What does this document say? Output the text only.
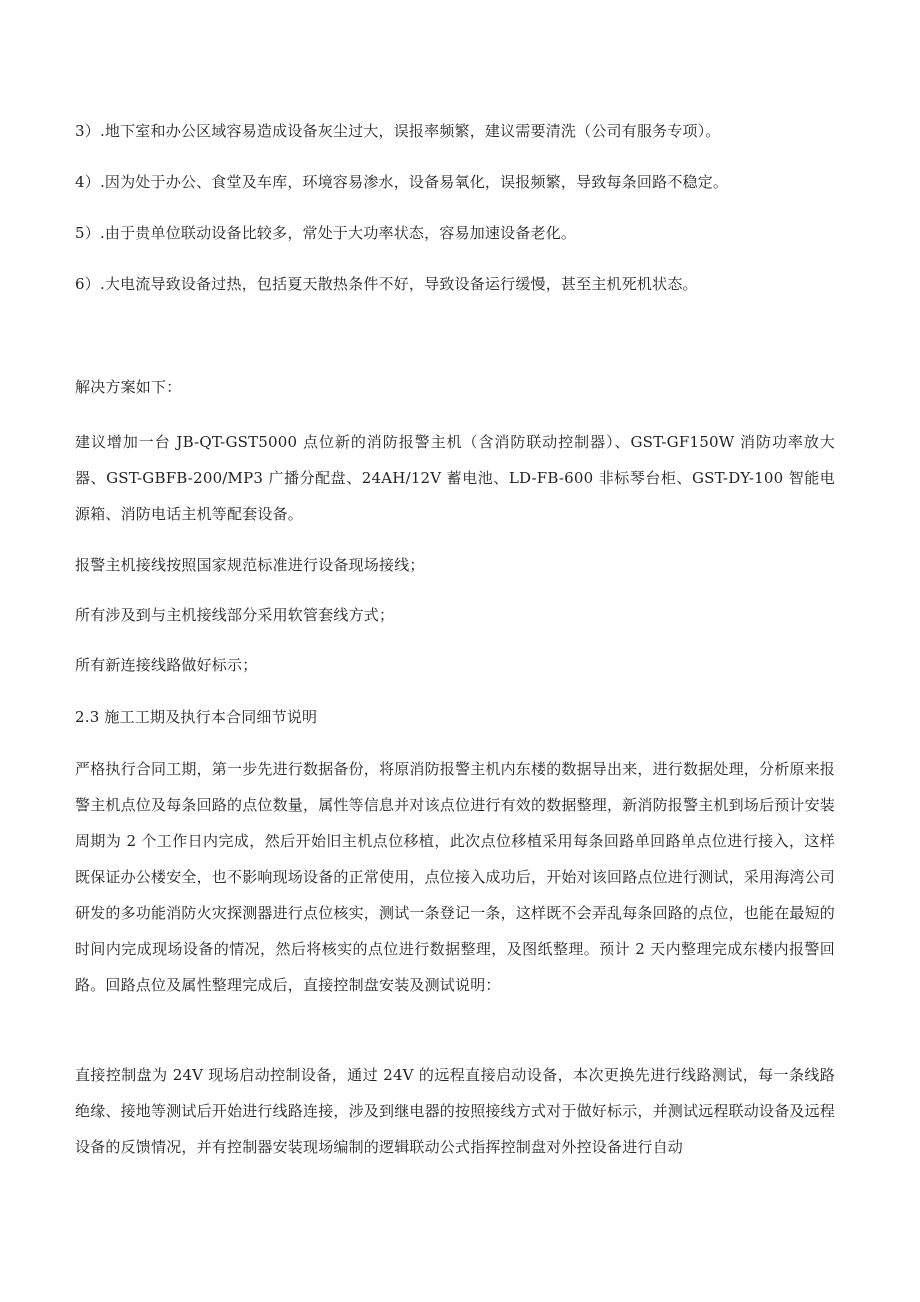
3）.地下室和办公区域容易造成设备灰尘过大，误报率频繁，建议需要清洗（公司有服务专项）。

4）.因为处于办公、食堂及车库，环境容易渗水，设备易氧化，误报频繁，导致每条回路不稳定。

5）.由于贵单位联动设备比较多，常处于大功率状态，容易加速设备老化。

6）.大电流导致设备过热，包括夏天散热条件不好，导致设备运行缓慢，甚至主机死机状态。

解决方案如下：

建议增加一台 JB-QT-GST5000 点位新的消防报警主机（含消防联动控制器）、GST-GF150W 消防功率放大器、GST-GBFB-200/MP3 广播分配盘、24AH/12V 蓄电池、LD-FB-600 非标琴台柜、GST-DY-100 智能电源箱、消防电话主机等配套设备。

报警主机接线按照国家规范标准进行设备现场接线；

所有涉及到与主机接线部分采用软管套线方式；

所有新连接线路做好标示；

2.3 施工工期及执行本合同细节说明

严格执行合同工期，第一步先进行数据备份，将原消防报警主机内东楼的数据导出来，进行数据处理，分析原来报警主机点位及每条回路的点位数量，属性等信息并对该点位进行有效的数据整理，新消防报警主机到场后预计安装周期为 2 个工作日内完成，然后开始旧主机点位移植，此次点位移植采用每条回路单回路单点位进行接入，这样既保证办公楼安全，也不影响现场设备的正常使用，点位接入成功后，开始对该回路点位进行测试，采用海湾公司研发的多功能消防火灾探测器进行点位核实，测试一条登记一条，这样既不会弄乱每条回路的点位，也能在最短的时间内完成现场设备的情况，然后将核实的点位进行数据整理，及图纸整理。预计 2 天内整理完成东楼内报警回路。回路点位及属性整理完成后，直接控制盘安装及测试说明：

直接控制盘为 24V 现场启动控制设备，通过 24V 的远程直接启动设备，本次更换先进行线路测试，每一条线路绝缘、接地等测试后开始进行线路连接，涉及到继电器的按照接线方式对于做好标示，并测试远程联动设备及远程设备的反馈情况，并有控制器安装现场编制的逻辑联动公式指挥控制盘对外控设备进行自动
